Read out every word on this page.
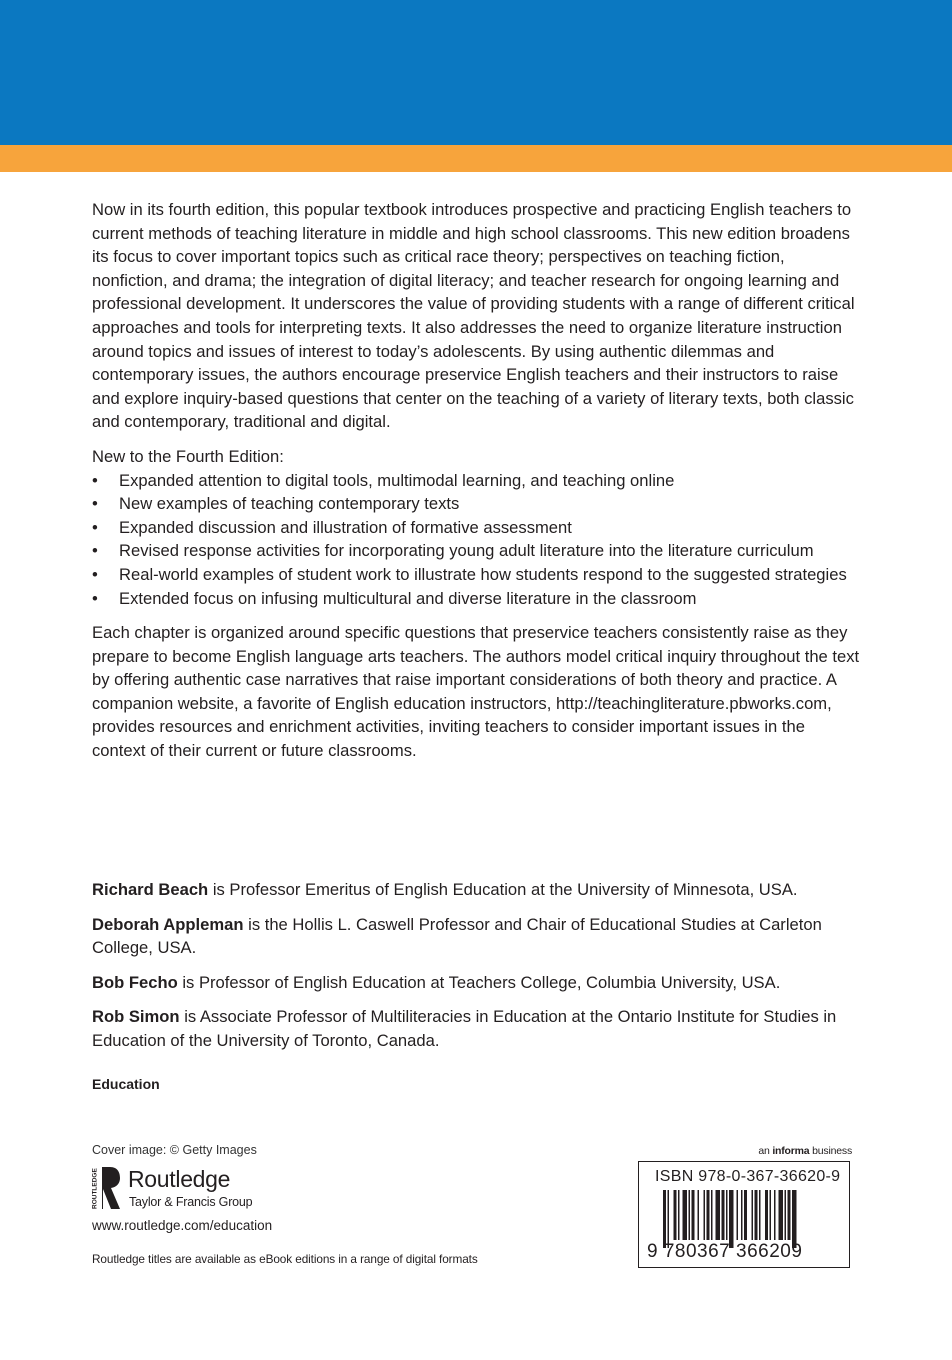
Now in its fourth edition, this popular textbook introduces prospective and practicing English teachers to current methods of teaching literature in middle and high school classrooms. This new edition broadens its focus to cover important topics such as critical race theory; perspectives on teaching fiction, nonfiction, and drama; the integration of digital literacy; and teacher research for ongoing learning and professional development. It underscores the value of providing students with a range of different critical approaches and tools for interpreting texts. It also addresses the need to organize literature instruction around topics and issues of interest to today’s adolescents. By using authentic dilemmas and contemporary issues, the authors encourage preservice English teachers and their instructors to raise and explore inquiry-based questions that center on the teaching of a variety of literary texts, both classic and contemporary, traditional and digital.

New to the Fourth Edition:

• Expanded attention to digital tools, multimodal learning, and teaching online
• New examples of teaching contemporary texts
• Expanded discussion and illustration of formative assessment
• Revised response activities for incorporating young adult literature into the literature curriculum
• Real-world examples of student work to illustrate how students respond to the suggested strategies
• Extended focus on infusing multicultural and diverse literature in the classroom

Each chapter is organized around specific questions that preservice teachers consistently raise as they prepare to become English language arts teachers. The authors model critical inquiry throughout the text by offering authentic case narratives that raise important considerations of both theory and practice. A companion website, a favorite of English education instructors, http://teachingliterature.pbworks.com, provides resources and enrichment activities, inviting teachers to consider important issues in the context of their current or future classrooms.

Richard Beach is Professor Emeritus of English Education at the University of Minnesota, USA.

Deborah Appleman is the Hollis L. Caswell Professor and Chair of Educational Studies at Carleton College, USA.

Bob Fecho is Professor of English Education at Teachers College, Columbia University, USA.

Rob Simon is Associate Professor of Multiliteracies in Education at the Ontario Institute for Studies in Education of the University of Toronto, Canada.

Education
Cover image: © Getty Images
ROUTLEDGE Routledge
Taylor & Francis Group
www.routledge.com/education
Routledge titles are available as eBook editions in a range of digital formats
an informa business
ISBN 978-0-367-36620-9
9 780367 366209
